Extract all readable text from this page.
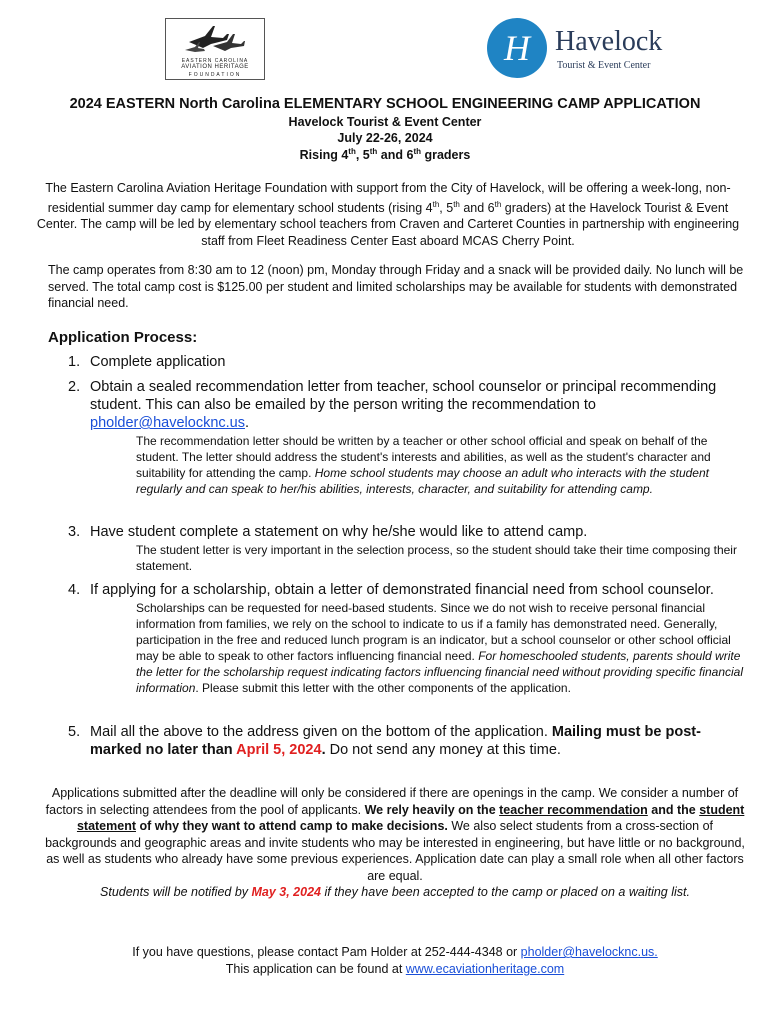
EASTERN CAROLINA
AVIATION HERITAGE
FOUNDATION
H Havelock
Tourist & Event Center
2024 EASTERN North Carolina ELEMENTARY SCHOOL ENGINEERING CAMP APPLICATION
Havelock Tourist & Event Center
July 22-26, 2024
Rising 4th, 5th and 6th graders
The Eastern Carolina Aviation Heritage Foundation with support from the City of Havelock, will be offering a week-long, non-residential summer day camp for elementary school students (rising 4th, 5th and 6th graders) at the Havelock Tourist & Event Center. The camp will be led by elementary school teachers from Craven and Carteret Counties in partnership with engineering staff from Fleet Readiness Center East aboard MCAS Cherry Point.
The camp operates from 8:30 am to 12 (noon) pm, Monday through Friday and a snack will be provided daily. No lunch will be served. The total camp cost is $125.00 per student and limited scholarships may be available for students with demonstrated financial need.
Application Process:
1. Complete application
2. Obtain a sealed recommendation letter from teacher, school counselor or principal recommending student. This can also be emailed by the person writing the recommendation to pholder@havelocknc.us.
The recommendation letter should be written by a teacher or other school official and speak on behalf of the student. The letter should address the student's interests and abilities, as well as the student's character and suitability for attending the camp. Home school students may choose an adult who interacts with the student regularly and can speak to her/his abilities, interests, character, and suitability for attending camp.
3. Have student complete a statement on why he/she would like to attend camp.
The student letter is very important in the selection process, so the student should take their time composing their statement.
4. If applying for a scholarship, obtain a letter of demonstrated financial need from school counselor.
Scholarships can be requested for need-based students. Since we do not wish to receive personal financial information from families, we rely on the school to indicate to us if a family has demonstrated need. Generally, participation in the free and reduced lunch program is an indicator, but a school counselor or other school official may be able to speak to other factors influencing financial need. For homeschooled students, parents should write the letter for the scholarship request indicating factors influencing financial need without providing specific financial information. Please submit this letter with the other components of the application.
5. Mail all the above to the address given on the bottom of the application. Mailing must be post-marked no later than April 5, 2024. Do not send any money at this time.
Applications submitted after the deadline will only be considered if there are openings in the camp. We consider a number of factors in selecting attendees from the pool of applicants. We rely heavily on the teacher recommendation and the student statement of why they want to attend camp to make decisions. We also select students from a cross-section of backgrounds and geographic areas and invite students who may be interested in engineering, but have little or no background, as well as students who already have some previous experiences. Application date can play a small role when all other factors are equal.
Students will be notified by May 3, 2024 if they have been accepted to the camp or placed on a waiting list.
If you have questions, please contact Pam Holder at 252-444-4348 or pholder@havelocknc.us.
This application can be found at www.ecaviationheritage.com
